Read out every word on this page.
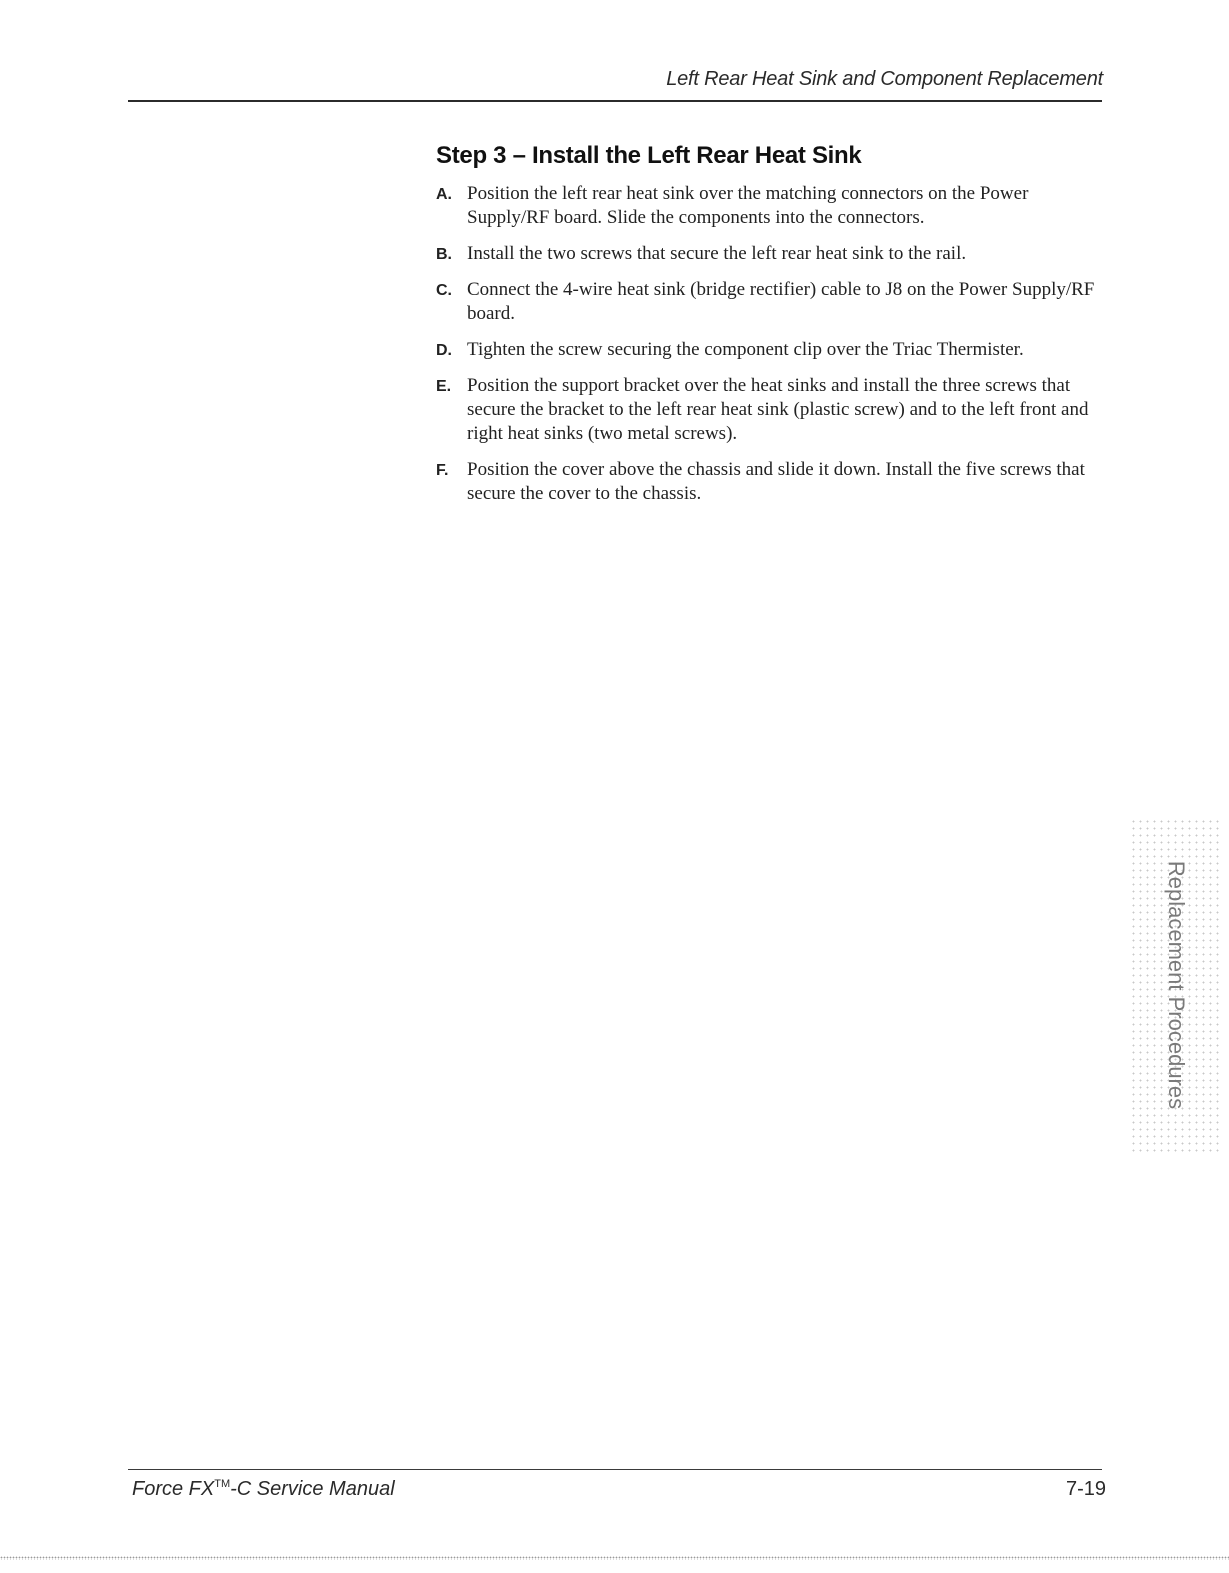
Left Rear Heat Sink and Component Replacement
Step 3 – Install the Left Rear Heat Sink
A. Position the left rear heat sink over the matching connectors on the Power Supply/RF board. Slide the components into the connectors.
B. Install the two screws that secure the left rear heat sink to the rail.
C. Connect the 4-wire heat sink (bridge rectifier) cable to J8 on the Power Supply/RF board.
D. Tighten the screw securing the component clip over the Triac Thermister.
E. Position the support bracket over the heat sinks and install the three screws that secure the bracket to the left rear heat sink (plastic screw) and to the left front and right heat sinks (two metal screws).
F. Position the cover above the chassis and slide it down. Install the five screws that secure the cover to the chassis.
Replacement Procedures
Force FX™-C Service Manual	7-19
